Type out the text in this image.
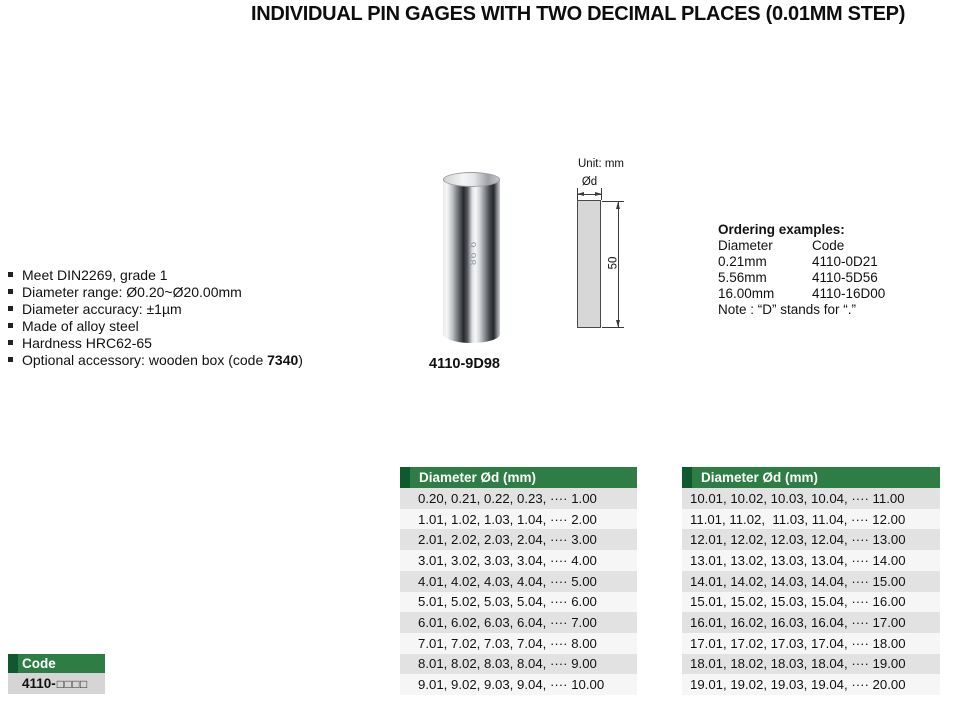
INDIVIDUAL PIN GAGES WITH TWO DECIMAL PLACES (0.01MM STEP)
Meet DIN2269, grade 1
Diameter range: Ø0.20~Ø20.00mm
Diameter accuracy: ±1µm
Made of alloy steel
Hardness HRC62-65
Optional accessory: wooden box (code 7340)
9.98
4110-9D98
Unit: mm
Ød
50
Ordering examples:
Diameter	Code
0.21mm	4110-0D21
5.56mm	4110-5D56
16.00mm	4110-16D00
Note : “D” stands for “.”
Diameter Ød (mm)
0.20, 0.21, 0.22, 0.23, ···· 1.00
1.01, 1.02, 1.03, 1.04, ···· 2.00
2.01, 2.02, 2.03, 2.04, ···· 3.00
3.01, 3.02, 3.03, 3.04, ···· 4.00
4.01, 4.02, 4.03, 4.04, ···· 5.00
5.01, 5.02, 5.03, 5.04, ···· 6.00
6.01, 6.02, 6.03, 6.04, ···· 7.00
7.01, 7.02, 7.03, 7.04, ···· 8.00
8.01, 8.02, 8.03, 8.04, ···· 9.00
9.01, 9.02, 9.03, 9.04, ···· 10.00
Diameter Ød (mm)
10.01, 10.02, 10.03, 10.04, ···· 11.00
11.01, 11.02,  11.03, 11.04, ···· 12.00
12.01, 12.02, 12.03, 12.04, ···· 13.00
13.01, 13.02, 13.03, 13.04, ···· 14.00
14.01, 14.02, 14.03, 14.04, ···· 15.00
15.01, 15.02, 15.03, 15.04, ···· 16.00
16.01, 16.02, 16.03, 16.04, ···· 17.00
17.01, 17.02, 17.03, 17.04, ···· 18.00
18.01, 18.02, 18.03, 18.04, ···· 19.00
19.01, 19.02, 19.03, 19.04, ···· 20.00
Code
4110- □□□□
